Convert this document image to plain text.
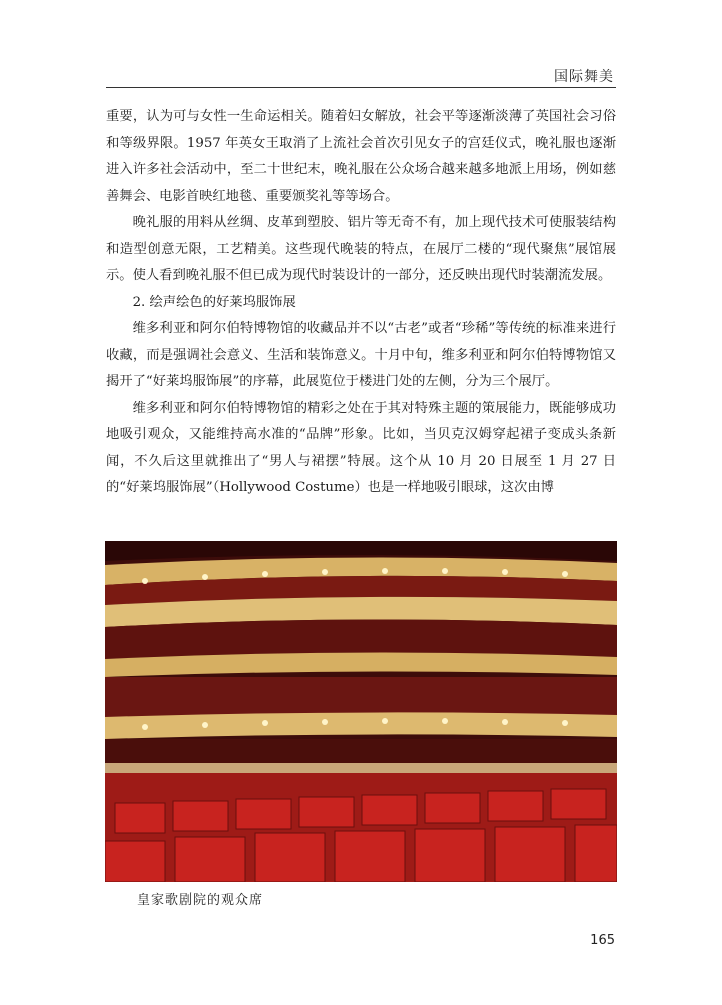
国际舞美

重要，认为可与女性一生命运相关。随着妇女解放，社会平等逐渐淡薄了英国社会习俗和等级界限。1957 年英女王取消了上流社会首次引见女子的宫廷仪式，晚礼服也逐渐进入许多社会活动中，至二十世纪末，晚礼服在公众场合越来越多地派上用场，例如慈善舞会、电影首映红地毯、重要颁奖礼等等场合。

晚礼服的用料从丝绸、皮革到塑胶、铝片等无奇不有，加上现代技术可使服装结构和造型创意无限，工艺精美。这些现代晚装的特点，在展厅二楼的“现代聚焦”展馆展示。使人看到晚礼服不但已成为现代时装设计的一部分，还反映出现代时装潮流发展。

2. 绘声绘色的好莱坞服饰展

维多利亚和阿尔伯特博物馆的收藏品并不以“古老”或者“珍稀”等传统的标准来进行收藏，而是强调社会意义、生活和装饰意义。十月中旬，维多利亚和阿尔伯特博物馆又揭开了“好莱坞服饰展”的序幕，此展览位于楼进门处的左侧，分为三个展厅。

维多利亚和阿尔伯特博物馆的精彩之处在于其对特殊主题的策展能力，既能够成功地吸引观众，又能维持高水准的“品牌”形象。比如，当贝克汉姆穿起裙子变成头条新闻，不久后这里就推出了“男人与裙摆”特展。这个从 10 月 20 日展至 1 月 27 日的“好莱坞服饰展”（Hollywood Costume）也是一样地吸引眼球，这次由博

皇家歌剧院的观众席
165
